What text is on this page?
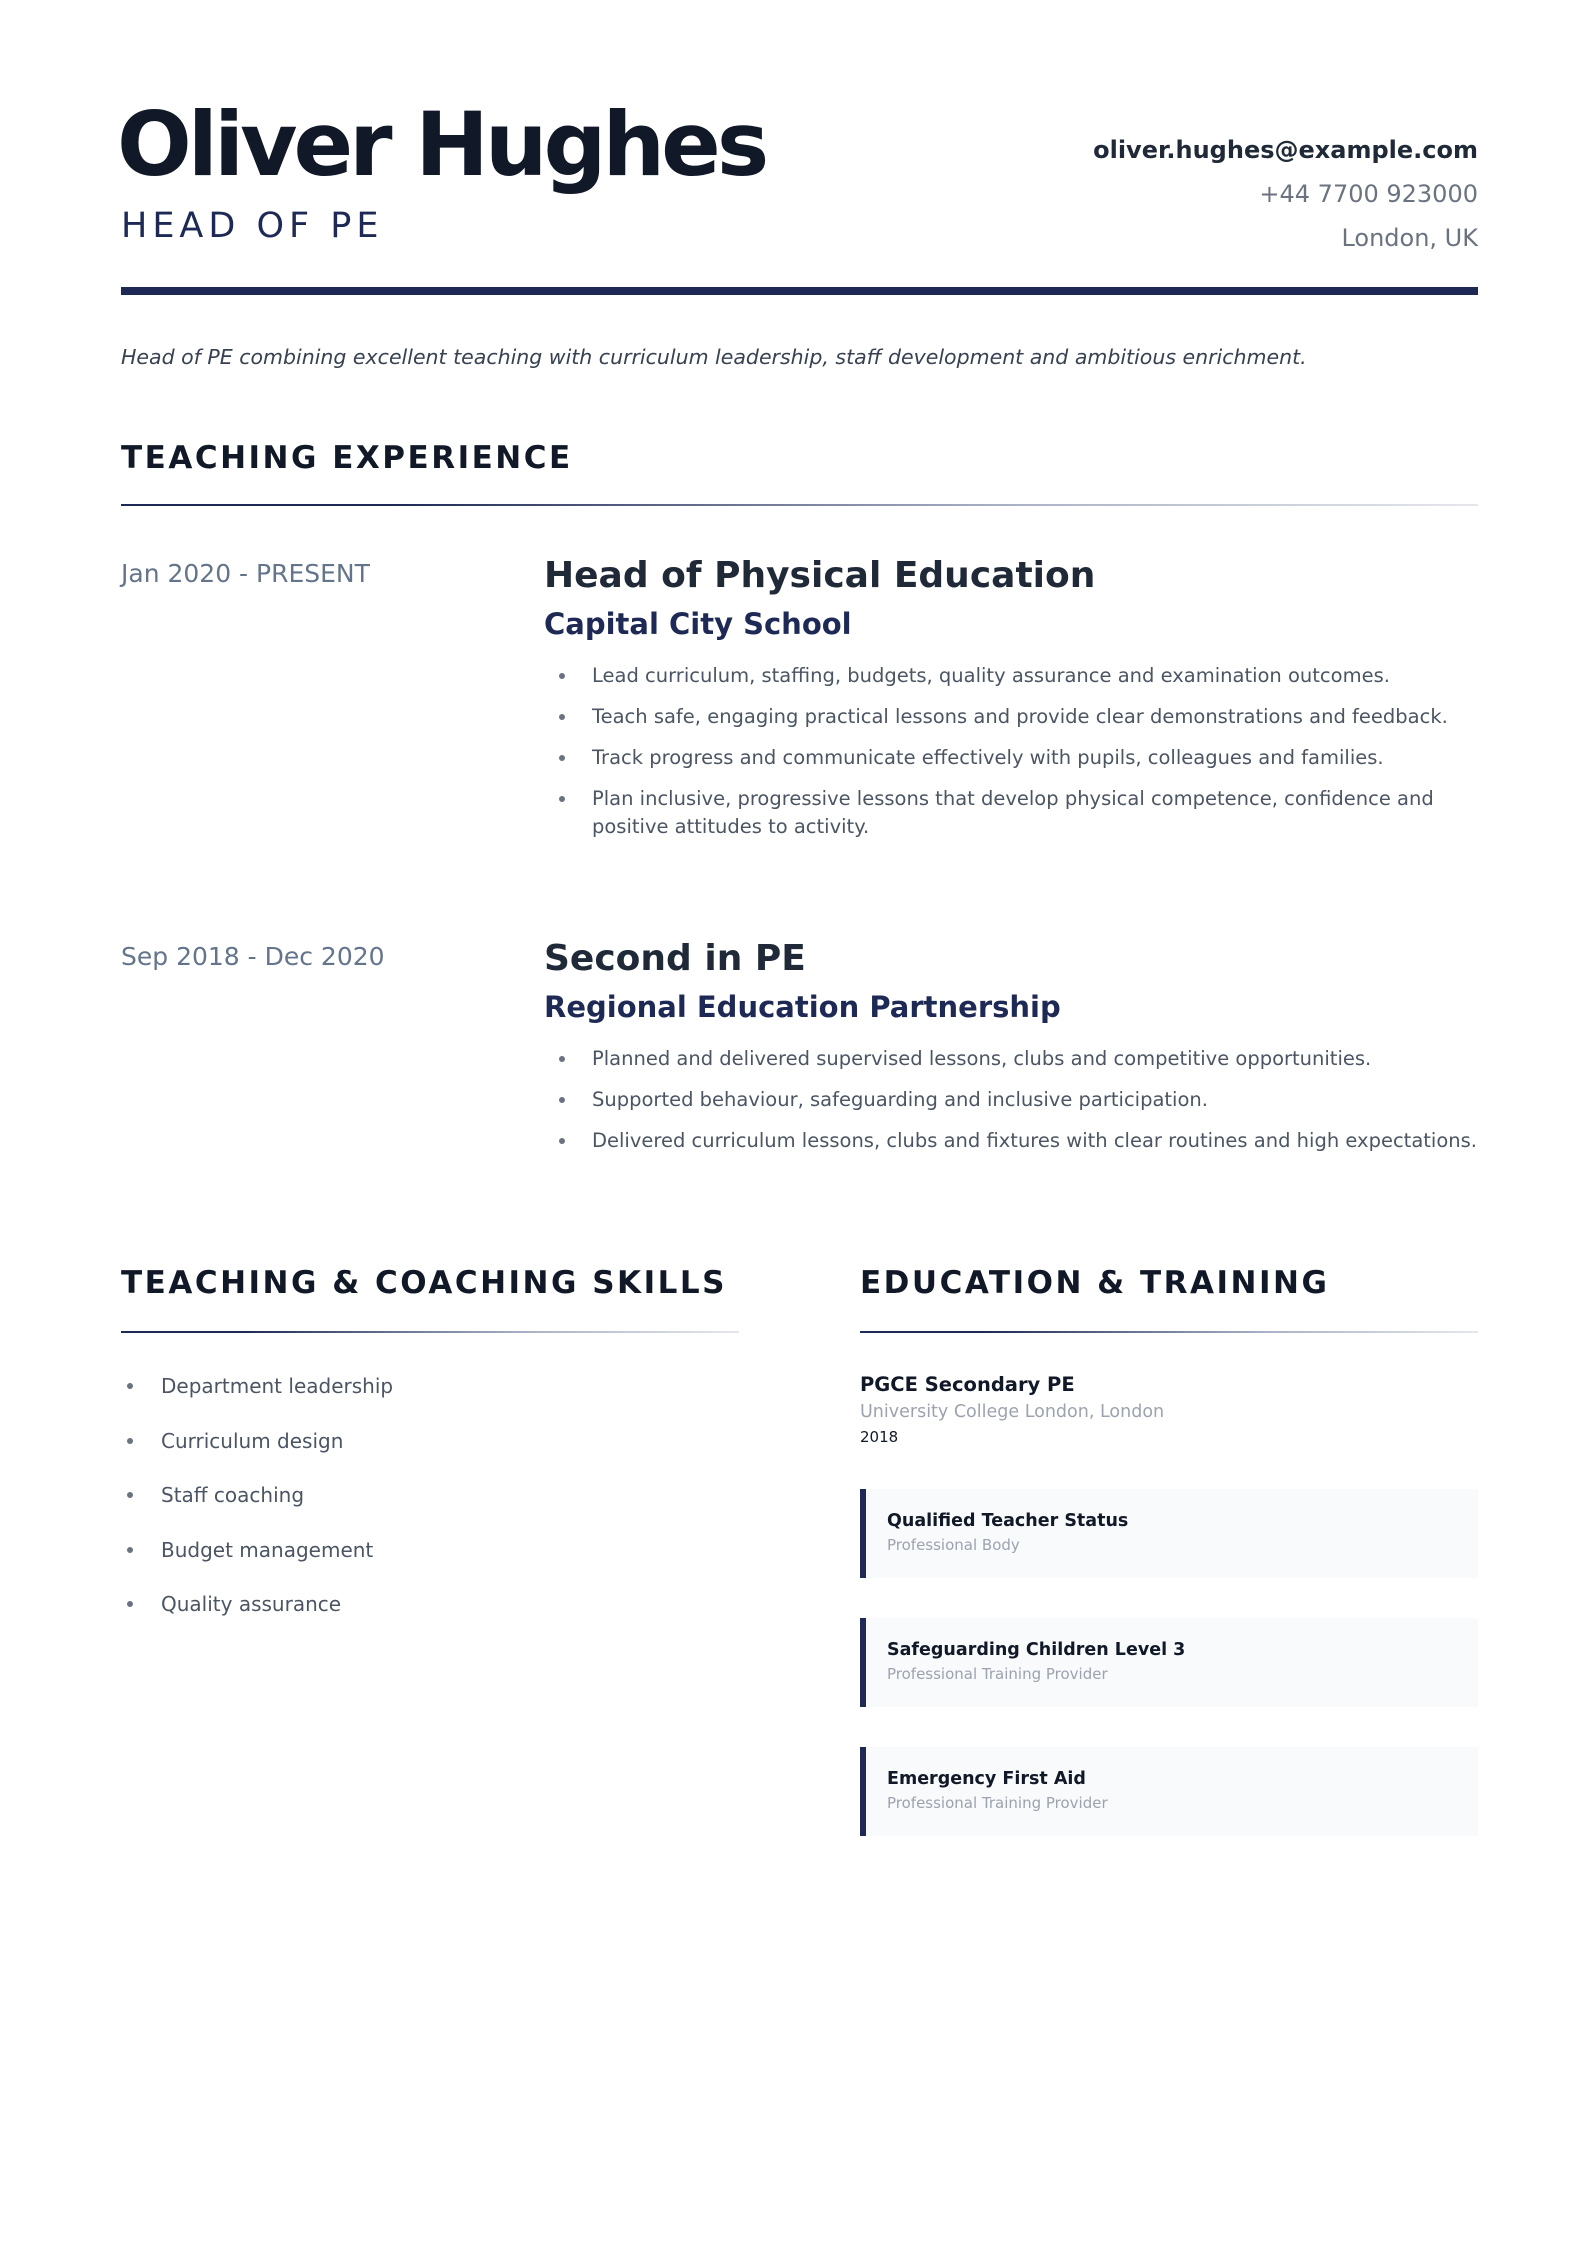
Oliver Hughes
HEAD OF PE
oliver.hughes@example.com
+44 7700 923000
London, UK
Head of PE combining excellent teaching with curriculum leadership, staff development and ambitious enrichment.
TEACHING EXPERIENCE
Jan 2020 - PRESENT	Head of Physical Education
Capital City School
Lead curriculum, staffing, budgets, quality assurance and examination outcomes.
Teach safe, engaging practical lessons and provide clear demonstrations and feedback.
Track progress and communicate effectively with pupils, colleagues and families.
Plan inclusive, progressive lessons that develop physical competence, confidence and positive attitudes to activity.
Sep 2018 - Dec 2020	Second in PE
Regional Education Partnership
Planned and delivered supervised lessons, clubs and competitive opportunities.
Supported behaviour, safeguarding and inclusive participation.
Delivered curriculum lessons, clubs and fixtures with clear routines and high expectations.
TEACHING & COACHING SKILLS
Department leadership
Curriculum design
Staff coaching
Budget management
Quality assurance
EDUCATION & TRAINING
PGCE Secondary PE
University College London, London
2018
Qualified Teacher Status
Professional Body
Safeguarding Children Level 3
Professional Training Provider
Emergency First Aid
Professional Training Provider
